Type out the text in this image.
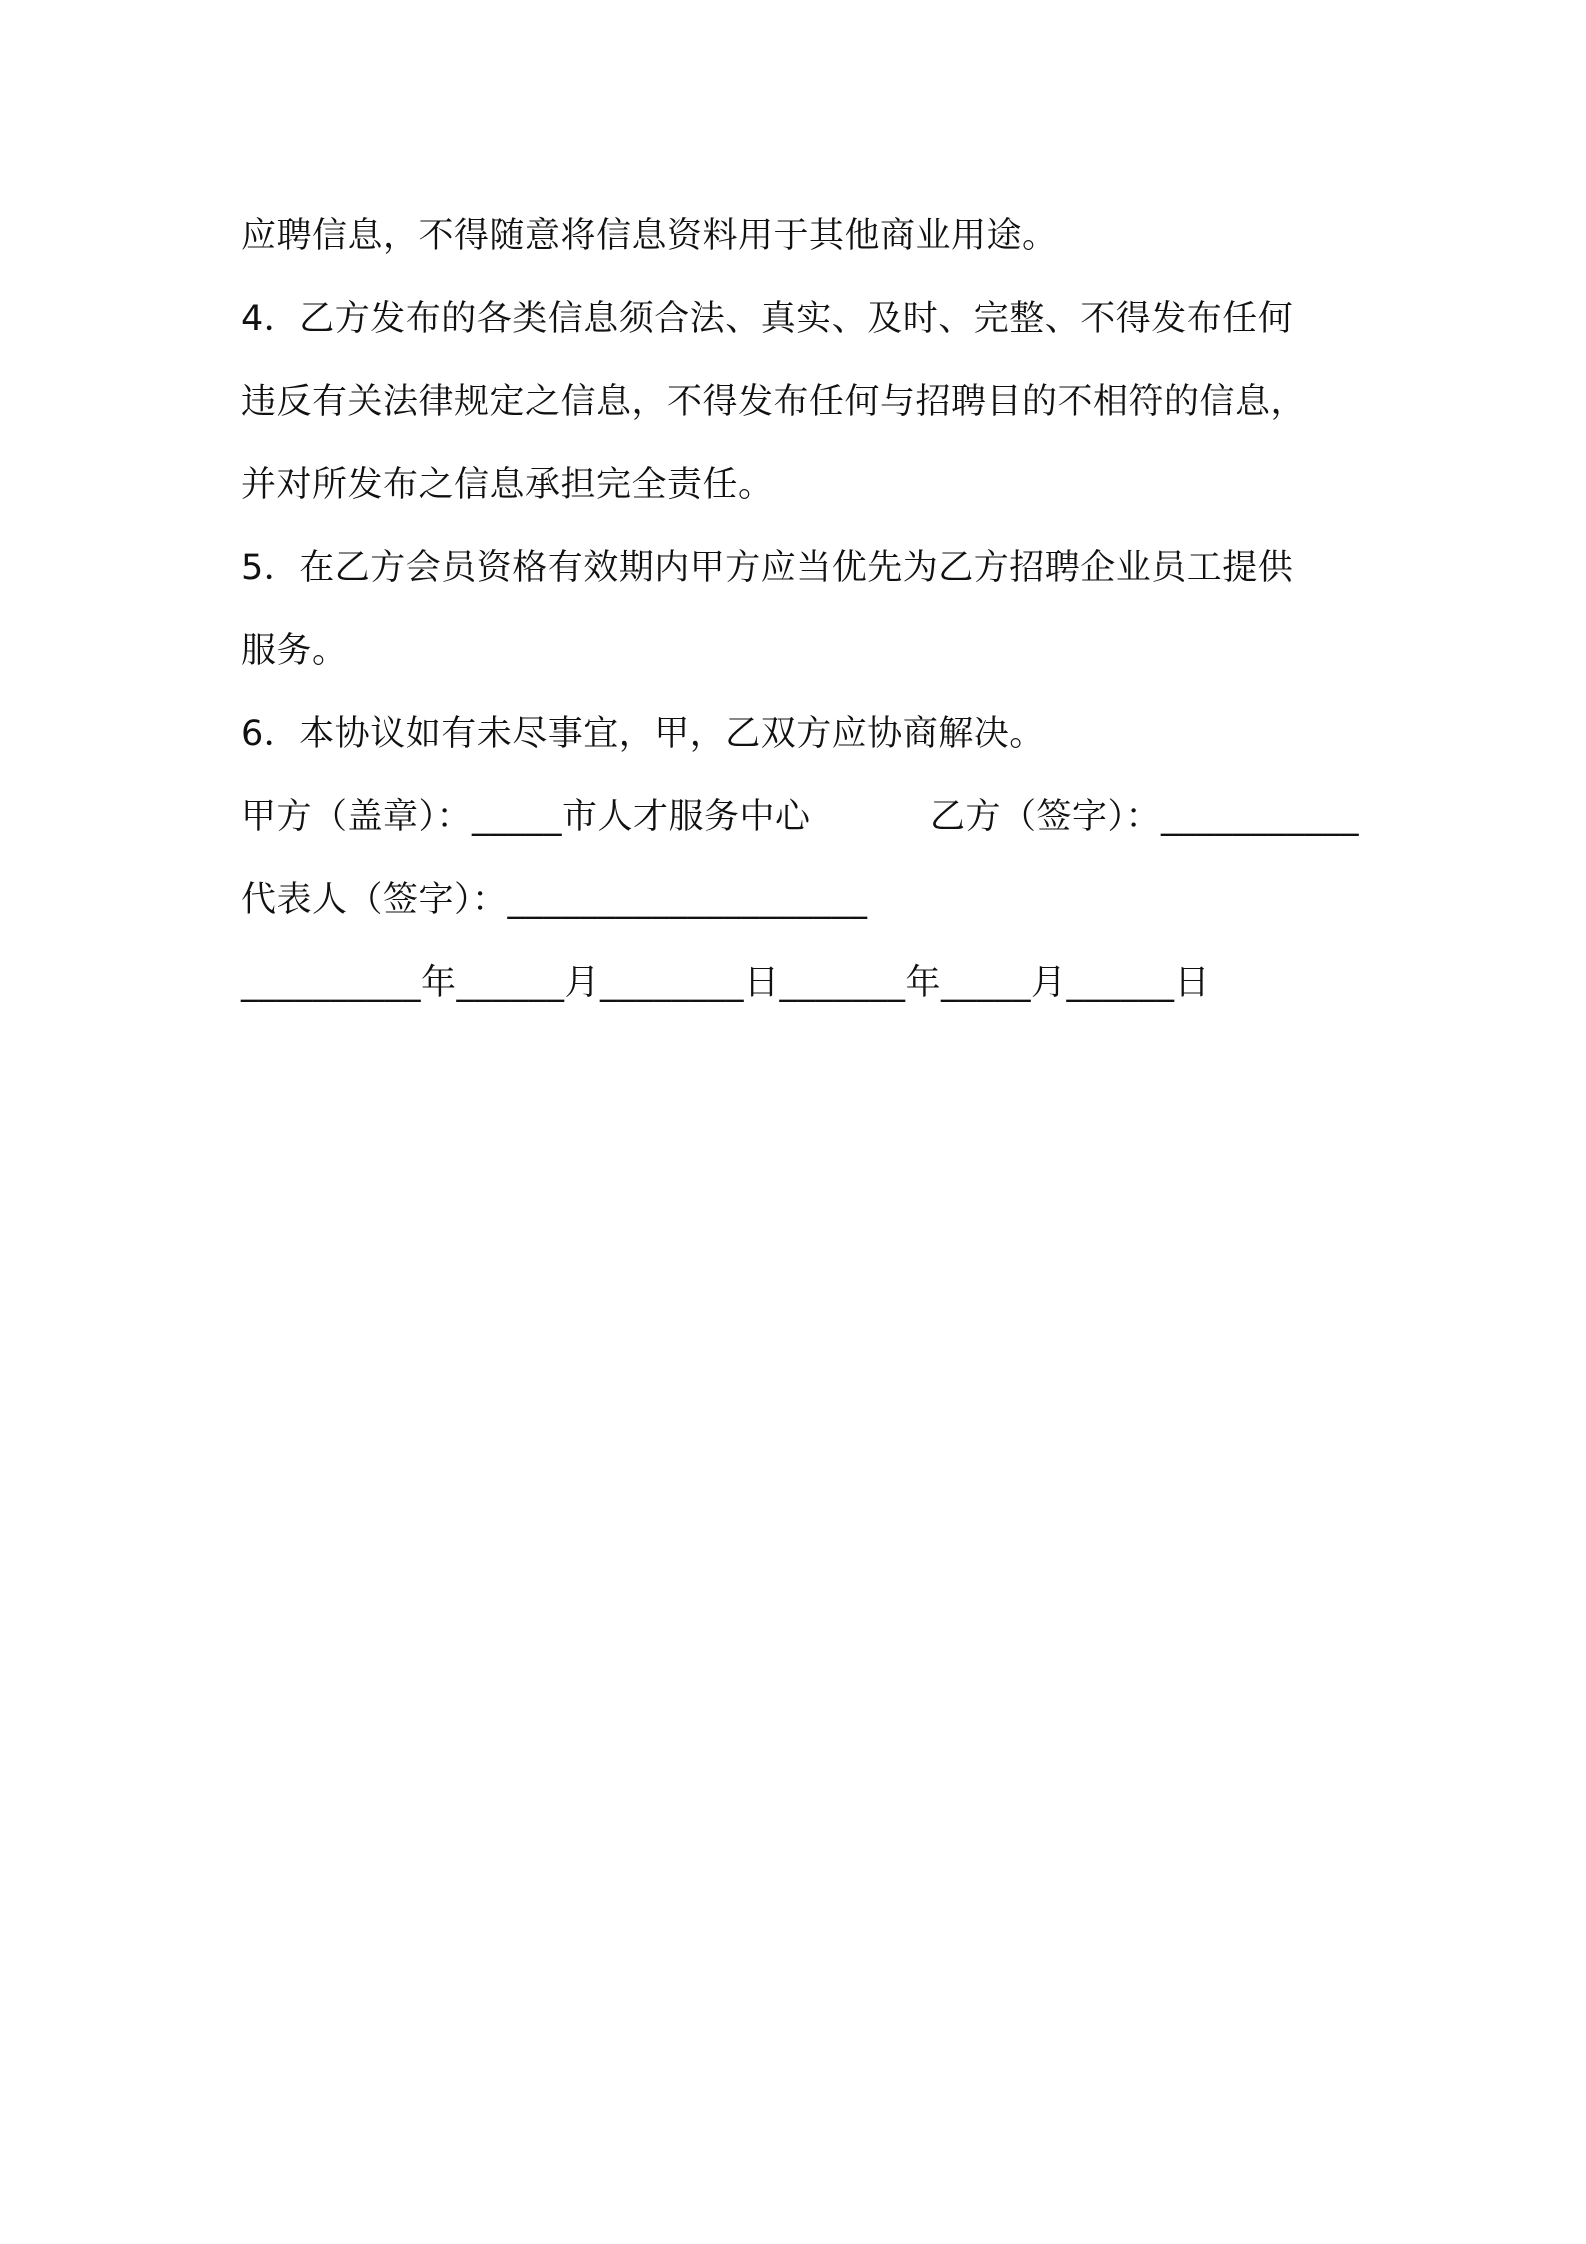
应聘信息，不得随意将信息资料用于其他商业用途。
4．乙方发布的各类信息须合法、真实、及时、完整、不得发布任何
违反有关法律规定之信息，不得发布任何与招聘目的不相符的信息，
并对所发布之信息承担完全责任。
5．在乙方会员资格有效期内甲方应当优先为乙方招聘企业员工提供
服务。
6．本协议如有未尽事宜，甲，乙双方应协商解决。
甲方（盖章）：_____市人才服务中心	乙方（签字）：___________
代表人（签字）：____________________
__________年______月________日_______年_____月______日
